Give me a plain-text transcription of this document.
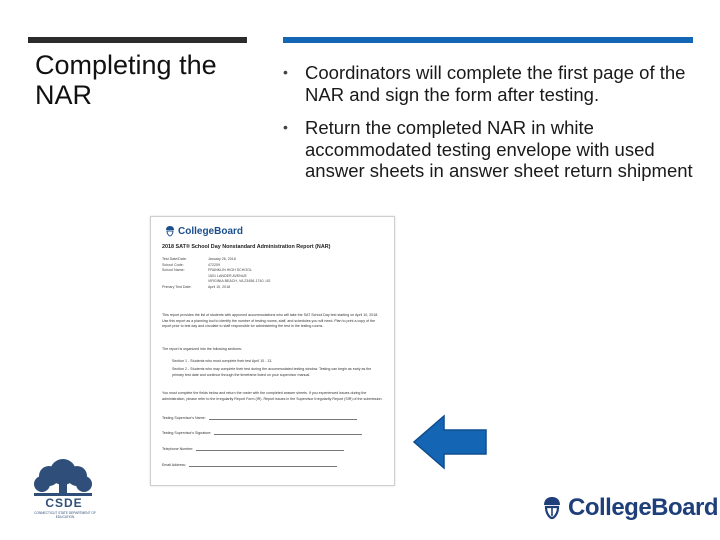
Completing the NAR
• Coordinators will complete the first page of the NAR and sign the form after testing.
• Return the completed NAR in white accommodated testing envelope with used answer sheets in answer sheet return shipment
CollegeBoard
2018 SAT® School Day Nonstandard Administration Report (NAR)
Test Date/Date:	January 26, 2018
School Code:	472209
School Name:	FRANKLIN HIGH SCHOOL
1501 LANDER AVENUE
VIRGINIA BEACH, VA 23456-1740, US
Primary Test Date:	April 10, 2018
This report provides the list of students with approved accommodations who will take the SAT School Day test starting on April 10, 2018. Use this report as a planning tool to identify the number of testing rooms, staff, and schedules you will need. Plan to print a copy of the report prior to test day and circulate to staff responsible for administering the test in the testing rooms.
The report is organized into the following sections:
Section 1 - Students who must complete their test April 10 - 13.
Section 2 - Students who may complete their test during the accommodated testing window. Testing can begin as early as the primary test date and continue through the timeframe listed on your supervisor manual.
You must complete the fields below and return the roster with the completed answer sheets. If you experienced issues during the administration, please refer to the Irregularity Report Form (IR). Report issues in the Supervisor Irregularity Report (SIR) of the submission.
Testing Supervisor's Name:
Testing Supervisor's Signature:
Telephone Number:
Email Address:
CSDE
CONNECTICUT STATE DEPARTMENT OF EDUCATION	CollegeBoard
